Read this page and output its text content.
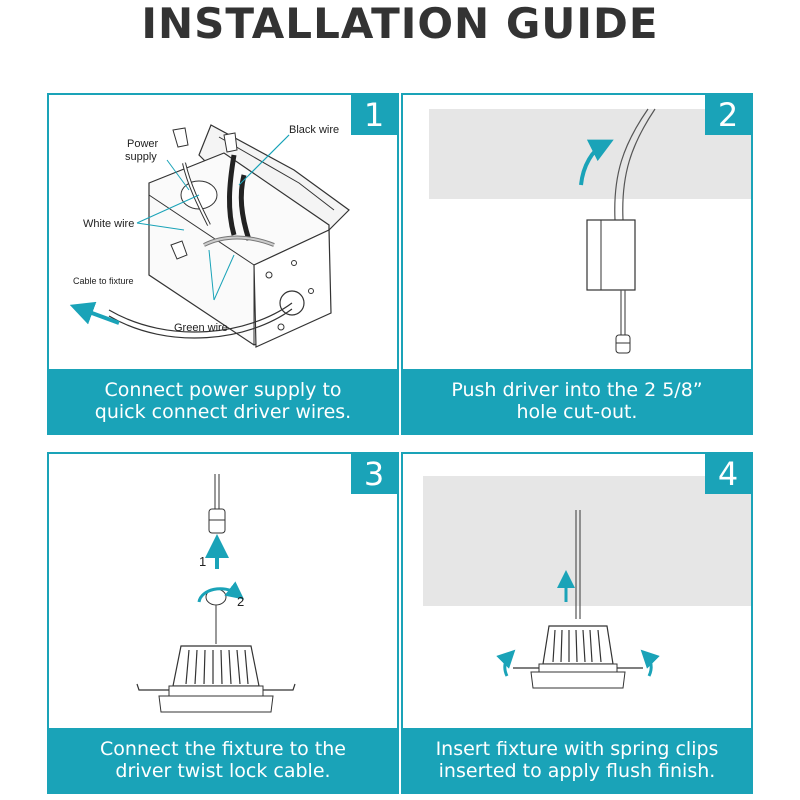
INSTALLATION GUIDE
Power
supply
Black wire
White wire
Cable to fixture
Green wire
1
Connect power supply to
quick connect driver wires.
2
Push driver into the 2 5/8”
hole cut-out.
1
2
3
Connect the fixture to the
driver twist lock cable.
4
Insert fixture with spring clips
inserted to apply flush finish.
